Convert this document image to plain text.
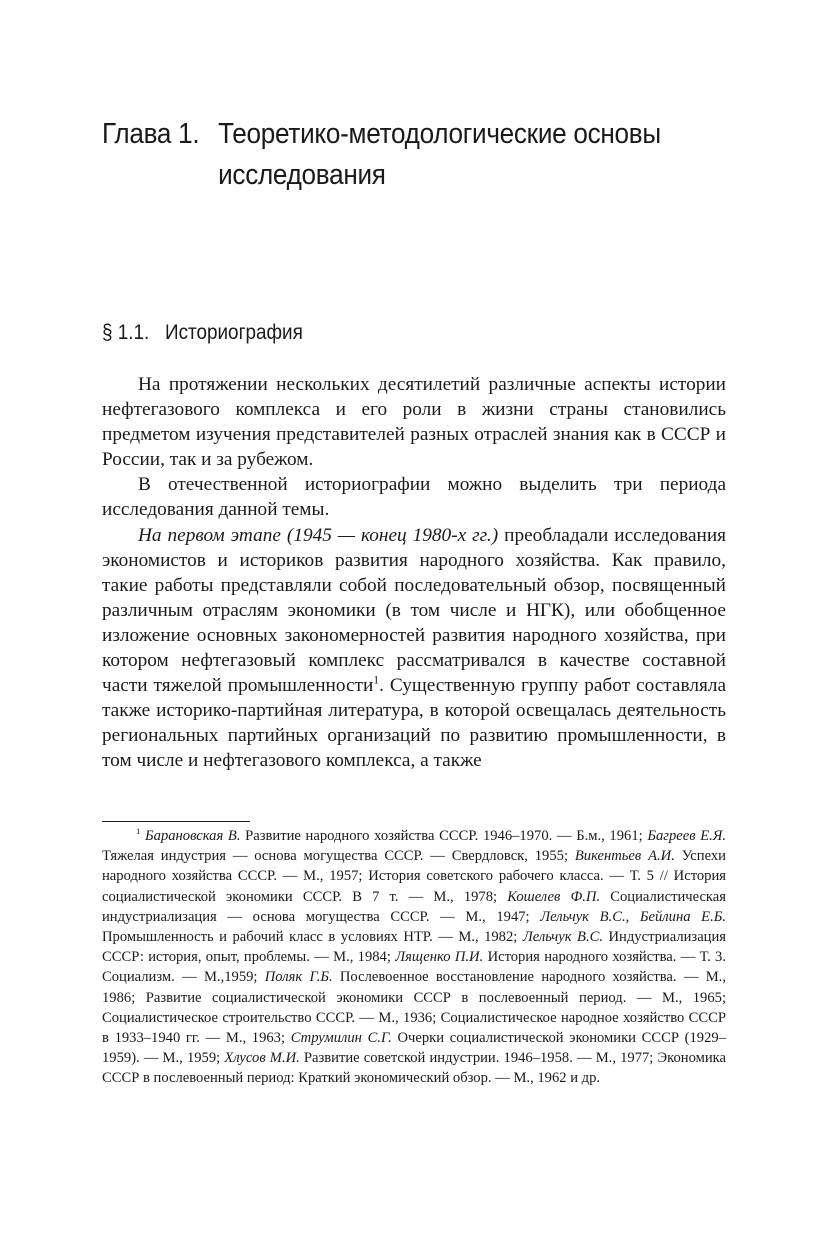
Глава 1. Теоретико-методологические основы исследования
§ 1.1. Историография

На протяжении нескольких десятилетий различные аспекты истории нефтегазового комплекса и его роли в жизни страны становились предметом изучения представителей разных отраслей знания как в СССР и России, так и за рубежом.

В отечественной историографии можно выделить три периода исследования данной темы.

На первом этапе (1945 — конец 1980-х гг.) преобладали исследования экономистов и историков развития народного хозяйства. Как правило, такие работы представляли собой последовательный обзор, посвященный различным отраслям экономики (в том числе и НГК), или обобщенное изложение основных закономерностей развития народного хозяйства, при котором нефтегазовый комплекс рассматривался в качестве составной части тяжелой промышленности$^1$. Существенную группу работ составляла также историко-партийная литература, в которой освещалась деятельность региональных партийных организаций по развитию промышленности, в том числе и нефтегазового комплекса, а также

$^1$ Барановская В. Развитие народного хозяйства СССР. 1946–1970. — Б.м., 1961; Багреев Е.Я. Тяжелая индустрия — основа могущества СССР. — Свердловск, 1955; Викентьев А.И. Успехи народного хозяйства СССР. — М., 1957; История советского рабочего класса. — Т. 5 // История социалистической экономики СССР. В 7 т. — М., 1978; Кошелев Ф.П. Социалистическая индустриализация — основа могущества СССР. — М., 1947; Лельчук В.С., Бейлина Е.Б. Промышленность и рабочий класс в условиях НТР. — М., 1982; Лельчук В.С. Индустриализация СССР: история, опыт, проблемы. — М., 1984; Лященко П.И. История народного хозяйства. — Т. 3. Социализм. — М.,1959; Поляк Г.Б. Послевоенное восстановление народного хозяйства. — М., 1986; Развитие социалистической экономики СССР в послевоенный период. — М., 1965; Социалистическое строительство СССР. — М., 1936; Социалистическое народное хозяйство СССР в 1933–1940 гг. — М., 1963; Струмилин С.Г. Очерки социалистической экономики СССР (1929–1959). — М., 1959; Хлусов М.И. Развитие советской индустрии. 1946–1958. — М., 1977; Экономика СССР в послевоенный период: Краткий экономический обзор. — М., 1962 и др.
